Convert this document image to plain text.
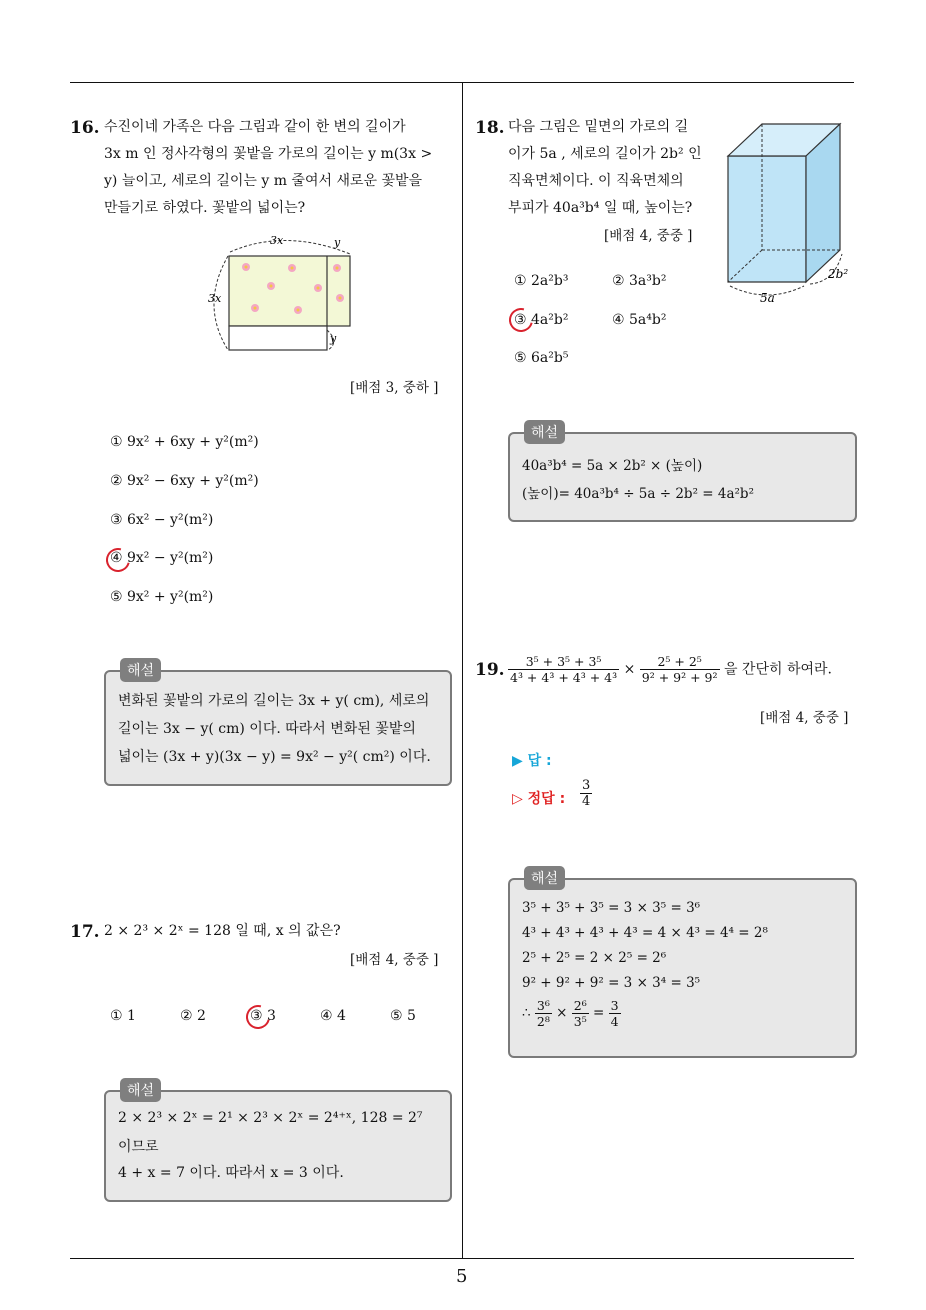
16. 수진이네 가족은 다음 그림과 같이 한 변의 길이가
3x m 인 정사각형의 꽃밭을 가로의 길이는 y m(3x >
y) 늘이고, 세로의 길이는 y m 줄여서 새로운 꽃밭을
만들기로 하였다. 꽃밭의 넓이는?
3x	y
3x
y
[배점 3, 중하 ]
① 9x² + 6xy + y²(m²)
② 9x² − 6xy + y²(m²)
③ 6x² − y²(m²)
④ 9x² − y²(m²)
⑤ 9x² + y²(m²)
변화된 꽃밭의 가로의 길이는 3x + y( cm), 세로의
길이는 3x − y( cm) 이다. 따라서 변화된 꽃밭의
넓이는 (3x + y)(3x − y) = 9x² − y²( cm²) 이다.
해설
17. 2 × 2³ × 2ˣ = 128 일 때, x 의 값은?
[배점 4, 중중 ]
① 1	② 2	③ 3	④ 4	⑤ 5
2 × 2³ × 2ˣ = 2¹ × 2³ × 2ˣ = 2⁴⁺ˣ, 128 = 2⁷
이므로
4 + x = 7 이다. 따라서 x = 3 이다.
해설
18. 다음 그림은 밑면의 가로의 길
이가 5a , 세로의 길이가 2b² 인
직육면체이다. 이 직육면체의
부피가 40a³b⁴ 일 때, 높이는?
[배점 4, 중중 ]
5a
2b²
① 2a²b³	② 3a³b²
③ 4a²b²	④ 5a⁴b²
⑤ 6a²b⁵
40a³b⁴ = 5a × 2b² × (높이)
(높이)= 40a³b⁴ ÷ 5a ÷ 2b² = 4a²b²
해설
19. $\frac{\text{3⁵ + 3⁵ + 3⁵}}{\text{4³ + 4³ + 4³ + 4³}} \times \frac{\text{2⁵ + 2⁵}}{\text{9² + 9² + 9²}}$ 을 간단히 하여라.
[배점 4, 중중 ]
▶ 답 :
▷ 정답 : $\frac{3}{4}$
3⁵ + 3⁵ + 3⁵ = 3 × 3⁵ = 3⁶
4³ + 4³ + 4³ + 4³ = 4 × 4³ = 4⁴ = 2⁸
2⁵ + 2⁵ = 2 × 2⁵ = 2⁶
9² + 9² + 9² = 3 × 3⁴ = 3⁵
∴ $\frac{\text{3⁶}}{\text{2⁸}} \times \frac{\text{2⁶}}{\text{3⁵}} = \frac{3}{4}$
해설
5
